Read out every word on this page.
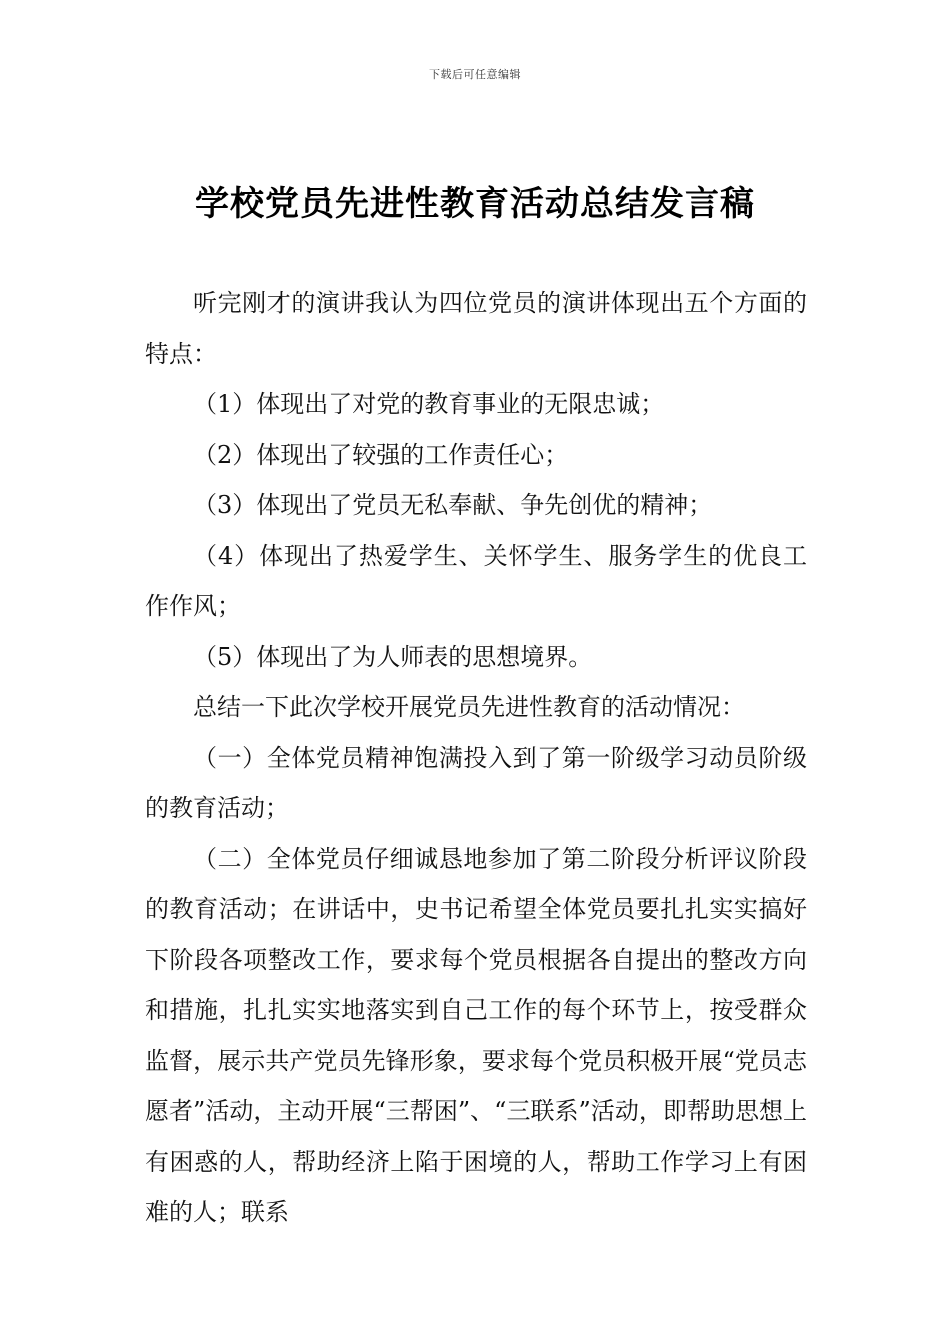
下载后可任意编辑
学校党员先进性教育活动总结发言稿

听完刚才的演讲我认为四位党员的演讲体现出五个方面的特点：

（1）体现出了对党的教育事业的无限忠诚；

（2）体现出了较强的工作责任心；

（3）体现出了党员无私奉献、争先创优的精神；

（4）体现出了热爱学生、关怀学生、服务学生的优良工作作风；

（5）体现出了为人师表的思想境界。

总结一下此次学校开展党员先进性教育的活动情况：

（一）全体党员精神饱满投入到了第一阶级学习动员阶级的教育活动；

（二）全体党员仔细诚恳地参加了第二阶段分析评议阶段的教育活动；在讲话中，史书记希望全体党员要扎扎实实搞好下阶段各项整改工作，要求每个党员根据各自提出的整改方向和措施，扎扎实实地落实到自己工作的每个环节上，按受群众监督，展示共产党员先锋形象，要求每个党员积极开展“党员志愿者”活动，主动开展“三帮困”、“三联系”活动，即帮助思想上有困惑的人，帮助经济上陷于困境的人，帮助工作学习上有困难的人；联系
